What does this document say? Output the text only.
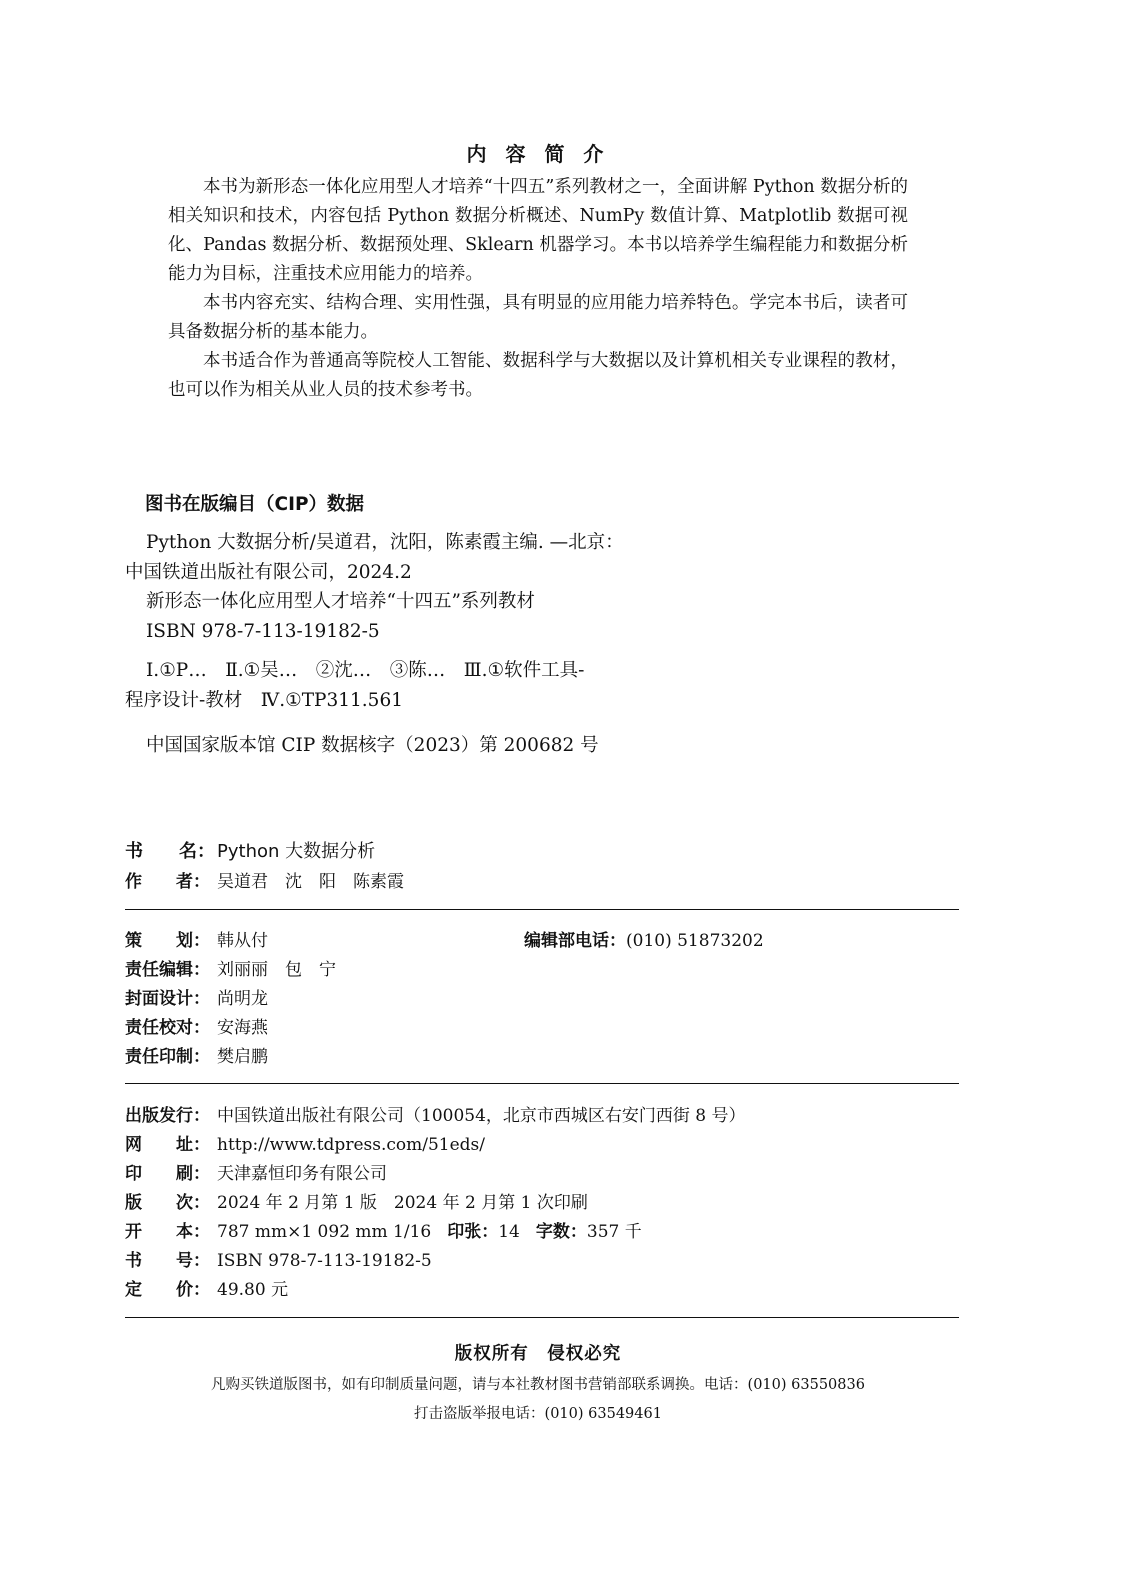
内 容 简 介

本书为新形态一体化应用型人才培养“十四五”系列教材之一，全面讲解 Python 数据分析的相关知识和技术，内容包括 Python 数据分析概述、NumPy 数值计算、Matplotlib 数据可视化、Pandas 数据分析、数据预处理、Sklearn 机器学习。本书以培养学生编程能力和数据分析能力为目标，注重技术应用能力的培养。

本书内容充实、结构合理、实用性强，具有明显的应用能力培养特色。学完本书后，读者可具备数据分析的基本能力。

本书适合作为普通高等院校人工智能、数据科学与大数据以及计算机相关专业课程的教材，也可以作为相关从业人员的技术参考书。

图书在版编目（CIP）数据
Python 大数据分析/吴道君，沈阳，陈素霞主编. —北京：
中国铁道出版社有限公司，2024.2
新形态一体化应用型人才培养“十四五”系列教材
ISBN 978-7-113-19182-5
Ⅰ.①P…　Ⅱ.①吴…　②沈…　③陈…　Ⅲ.①软件工具-
程序设计-教材　Ⅳ.①TP311.561
中国国家版本馆 CIP 数据核字（2023）第 200682 号
书　　名： Python 大数据分析
作　　者： 吴道君　沈　阳　陈素霞
策　　划： 韩从付	编辑部电话：(010) 51873202
责任编辑： 刘丽丽　包　宁
封面设计： 尚明龙
责任校对： 安海燕
责任印制： 樊启鹏
出版发行： 中国铁道出版社有限公司（100054，北京市西城区右安门西街 8 号）
网　　址： http://www.tdpress.com/51eds/
印　　刷： 天津嘉恒印务有限公司
版　　次： 2024 年 2 月第 1 版　2024 年 2 月第 1 次印刷
开　　本： 787 mm×1 092 mm 1/16 印张：14 字数：357 千
书　　号： ISBN 978-7-113-19182-5
定　　价： 49.80 元
版权所有　侵权必究
凡购买铁道版图书，如有印制质量问题，请与本社教材图书营销部联系调换。电话：(010) 63550836
打击盗版举报电话：(010) 63549461
